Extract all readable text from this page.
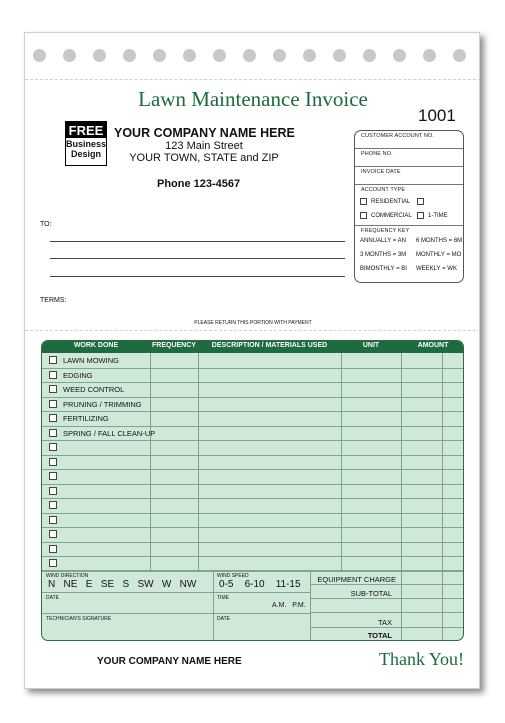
Lawn Maintenance Invoice
1001
FREE
Business
Design
YOUR COMPANY NAME HERE
123 Main Street
YOUR TOWN, STATE and ZIP
Phone 123-4567
CUSTOMER ACCOUNT NO.
PHONE NO.
INVOICE DATE
ACCOUNT TYPE
RESIDENTIAL
COMMERCIAL	1-TIME
FREQUENCY KEY
ANNUALLY = AN 6 MONTHS = 6M
3 MONTHS = 3M MONTHLY = MO
BIMONTHLY = BI WEEKLY = WK
TO:
TERMS:
PLEASE RETURN THIS PORTION WITH PAYMENT
WORK DONE	FREQUENCY	DESCRIPTION / MATERIALS USED	UNIT	AMOUNT
LAWN MOWING
EDGING
WEED CONTROL
PRUNING / TRIMMING
FERTILIZING
SPRING / FALL CLEAN-UP
WIND DIRECTION
N   NE   E   SE   S   SW   W   NW
WIND SPEED
0-5    6-10    11-15
DATE	TIME
A.M.   P.M.
TECHNICIAN'S SIGNATURE	DATE
EQUIPMENT CHARGE
SUB-TOTAL
TAX
TOTAL
YOUR COMPANY NAME HERE	Thank You!
